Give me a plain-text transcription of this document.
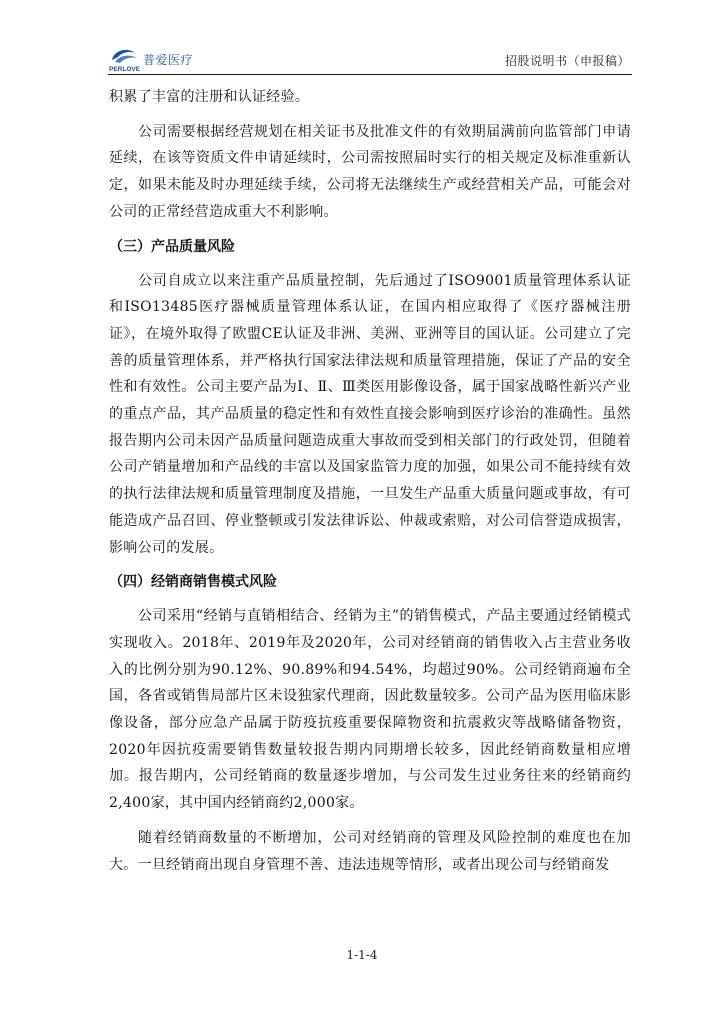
PERLOVE
普爱医疗	招股说明书（申报稿）

积累了丰富的注册和认证经验。

公司需要根据经营规划在相关证书及批准文件的有效期届满前向监管部门申请延续，在该等资质文件申请延续时，公司需按照届时实行的相关规定及标准重新认定，如果未能及时办理延续手续，公司将无法继续生产或经营相关产品，可能会对公司的正常经营造成重大不利影响。

（三）产品质量风险

公司自成立以来注重产品质量控制，先后通过了ISO9001质量管理体系认证和ISO13485医疗器械质量管理体系认证，在国内相应取得了《医疗器械注册证》，在境外取得了欧盟CE认证及非洲、美洲、亚洲等目的国认证。公司建立了完善的质量管理体系，并严格执行国家法律法规和质量管理措施，保证了产品的安全性和有效性。公司主要产品为Ⅰ、Ⅱ、Ⅲ类医用影像设备，属于国家战略性新兴产业的重点产品，其产品质量的稳定性和有效性直接会影响到医疗诊治的准确性。虽然报告期内公司未因产品质量问题造成重大事故而受到相关部门的行政处罚，但随着公司产销量增加和产品线的丰富以及国家监管力度的加强，如果公司不能持续有效的执行法律法规和质量管理制度及措施，一旦发生产品重大质量问题或事故，有可能造成产品召回、停业整顿或引发法律诉讼、仲裁或索赔，对公司信誉造成损害，影响公司的发展。

（四）经销商销售模式风险

公司采用“经销与直销相结合、经销为主”的销售模式，产品主要通过经销模式实现收入。2018年、2019年及2020年，公司对经销商的销售收入占主营业务收入的比例分别为90.12%、90.89%和94.54%，均超过90%。公司经销商遍布全国，各省或销售局部片区未设独家代理商，因此数量较多。公司产品为医用临床影像设备，部分应急产品属于防疫抗疫重要保障物资和抗震救灾等战略储备物资，2020年因抗疫需要销售数量较报告期内同期增长较多，因此经销商数量相应增加。报告期内，公司经销商的数量逐步增加，与公司发生过业务往来的经销商约2,400家，其中国内经销商约2,000家。

随着经销商数量的不断增加，公司对经销商的管理及风险控制的难度也在加大。一旦经销商出现自身管理不善、违法违规等情形，或者出现公司与经销商发

1-1-4
